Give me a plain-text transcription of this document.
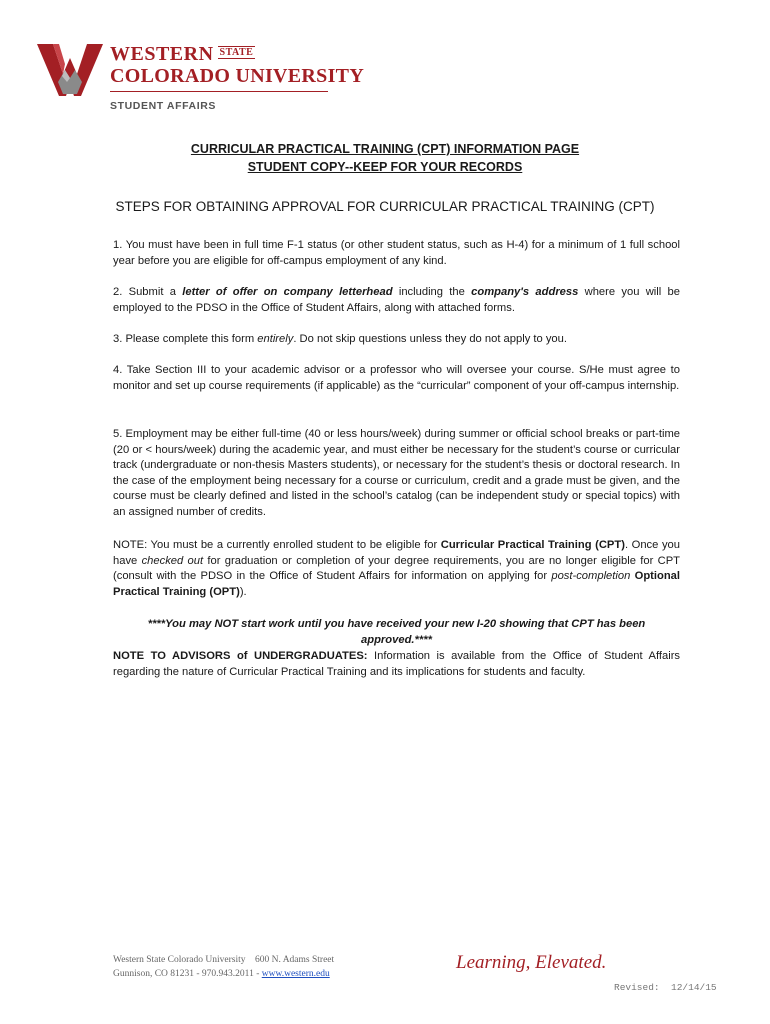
WESTERN $^{STATE}$
COLORADO UNIVERSITY
STUDENT AFFAIRS
CURRICULAR PRACTICAL TRAINING (CPT) INFORMATION PAGE
STUDENT COPY--KEEP FOR YOUR RECORDS
STEPS FOR OBTAINING APPROVAL FOR CURRICULAR PRACTICAL TRAINING (CPT)
1. You must have been in full time F-1 status (or other student status, such as H-4) for a minimum of 1 full school year before you are eligible for off-campus employment of any kind.
2. Submit a letter of offer on company letterhead including the company's address where you will be employed to the PDSO in the Office of Student Affairs, along with attached forms.
3. Please complete this form entirely. Do not skip questions unless they do not apply to you.
4. Take Section III to your academic advisor or a professor who will oversee your course. S/He must agree to monitor and set up course requirements (if applicable) as the “curricular” component of your off-campus internship.
5. Employment may be either full-time (40 or less hours/week) during summer or official school breaks or part-time (20 or < hours/week) during the academic year, and must either be necessary for the student’s course or curricular track (undergraduate or non-thesis Masters students), or necessary for the student’s thesis or doctoral research. In the case of the employment being necessary for a course or curriculum, credit and a grade must be given, and the course must be clearly defined and listed in the school’s catalog (can be independent study or special topics) with an assigned number of credits.
NOTE: You must be a currently enrolled student to be eligible for Curricular Practical Training (CPT). Once you have checked out for graduation or completion of your degree requirements, you are no longer eligible for CPT (consult with the PDSO in the Office of Student Affairs for information on applying for post-completion Optional Practical Training (OPT)).
****You may NOT start work until you have received your new I-20 showing that CPT has been approved.****
NOTE TO ADVISORS of UNDERGRADUATES: Information is available from the Office of Student Affairs regarding the nature of Curricular Practical Training and its implications for students and faculty.
Western State Colorado University 600 N. Adams Street
Gunnison, CO 81231 - 970.943.2011 - www.western.edu
Learning, Elevated.
Revised:  12/14/15
